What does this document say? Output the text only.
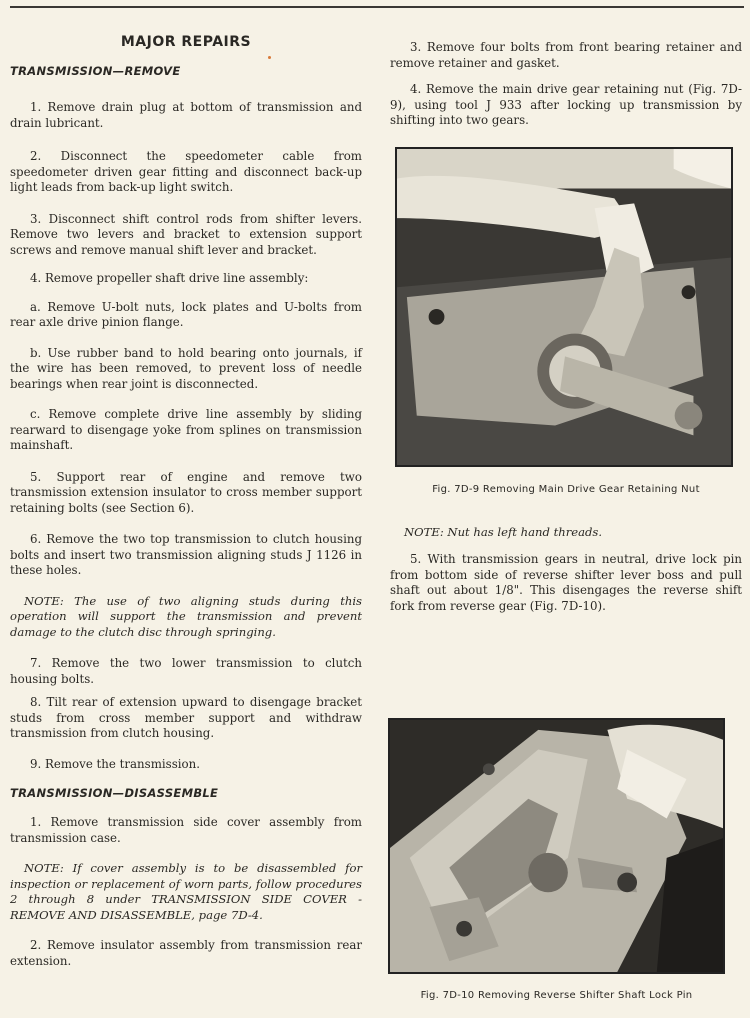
MAJOR REPAIRS
TRANSMISSION—REMOVE

1. Remove drain plug at bottom of transmission and drain lubricant.

2. Disconnect the speedometer cable from speedometer driven gear fitting and disconnect back-up light leads from back-up light switch.

3. Disconnect shift control rods from shifter levers. Remove two levers and bracket to extension support screws and remove manual shift lever and bracket.

4. Remove propeller shaft drive line assembly:

a. Remove U-bolt nuts, lock plates and U-bolts from rear axle drive pinion flange.

b. Use rubber band to hold bearing onto journals, if the wire has been removed, to prevent loss of needle bearings when rear joint is disconnected.

c. Remove complete drive line assembly by sliding rearward to disengage yoke from splines on transmission mainshaft.

5. Support rear of engine and remove two transmission extension insulator to cross member support retaining bolts (see Section 6).

6. Remove the two top transmission to clutch housing bolts and insert two transmission aligning studs J 1126 in these holes.

NOTE: The use of two aligning studs during this operation will support the transmission and prevent damage to the clutch disc through springing.

7. Remove the two lower transmission to clutch housing bolts.

8. Tilt rear of extension upward to disengage bracket studs from cross member support and withdraw transmission from clutch housing.

9. Remove the transmission.

TRANSMISSION—DISASSEMBLE

1. Remove transmission side cover assembly from transmission case.

NOTE: If cover assembly is to be disassembled for inspection or replacement of worn parts, follow procedures 2 through 8 under TRANSMISSION SIDE COVER - REMOVE AND DISASSEMBLE, page 7D-4.

2. Remove insulator assembly from transmission rear extension.

3. Remove four bolts from front bearing retainer and remove retainer and gasket.

4. Remove the main drive gear retaining nut (Fig. 7D-9), using tool J 933 after locking up transmission by shifting into two gears.

Fig. 7D-9 Removing Main Drive Gear Retaining Nut

NOTE: Nut has left hand threads.

5. With transmission gears in neutral, drive lock pin from bottom side of reverse shifter lever boss and pull shaft out about 1/8". This disengages the reverse shift fork from reverse gear (Fig. 7D-10).

Fig. 7D-10 Removing Reverse Shifter Shaft Lock Pin
